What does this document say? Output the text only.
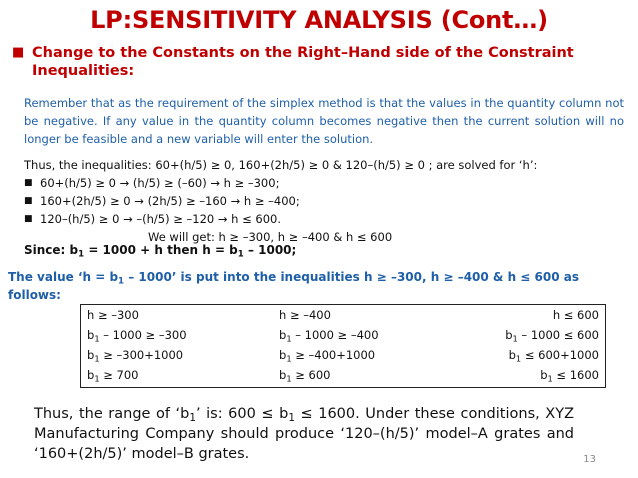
LP:SENSITIVITY ANALYSIS (Cont…)
■ Change to the Constants on the Right–Hand side of the Constraint
Inequalities:
Remember that as the requirement of the simplex method is that the values in the quantity column not be negative. If any value in the quantity column becomes negative then the current solution will no longer be feasible and a new variable will enter the solution.
Thus, the inequalities: 60+(h/5) ≥ 0, 160+(2h/5) ≥ 0 & 120–(h/5) ≥ 0 ; are solved for ‘h’:
■ 60+(h/5) ≥ 0 → (h/5) ≥ (–60) → h ≥ –300;
■ 160+(2h/5) ≥ 0 → (2h/5) ≥ –160 → h ≥ –400;
■ 120–(h/5) ≥ 0 → –(h/5) ≥ –120 → h ≤ 600.
We will get: h ≥ –300, h ≥ –400 & h ≤ 600
Since: $b_1 = 1000 + h$ then $h = b_1 - 1000$;
The value ‘$h = b_1 - 1000$’ is put into the inequalities h ≥ –300, h ≥ –400 & h ≤ 600 as follows:
h ≥ –300
$b_1 - 1000 \ge -300$
$b_1 \ge -300+1000$
$b_1 \ge 700$
h ≥ –400
$b_1 - 1000 \ge -400$
$b_1 \ge -400+1000$
$b_1 \ge 600$
h ≤ 600
$b_1 - 1000 \le 600$
$b_1 \le 600+1000$
$b_1 \le 1600$
Thus, the range of ‘$b_1$’ is: $600 \le b_1 \le 1600$. Under these conditions, XYZ Manufacturing Company should produce ‘120–(h/5)’ model–A grates and ‘160+(2h/5)’ model–B grates.	13
